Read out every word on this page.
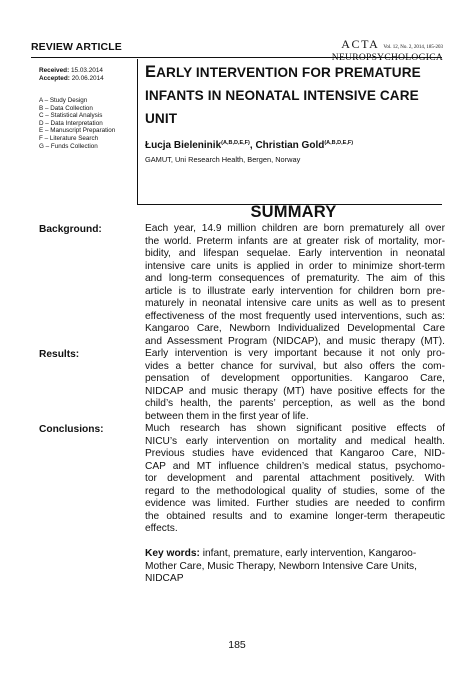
REVIEW ARTICLE	ACTA Vol. 12, No. 2, 2014, 185-203
NEUROPSYCHOLOGICA
Received: 15.03.2014
Accepted: 20.06.2014
A – Study Design
B – Data Collection
C – Statistical Analysis
D – Data Interpretation
E – Manuscript Preparation
F – Literature Search
G – Funds Collection
EARLY INTERVENTION FOR PREMATURE
INFANTS IN NEONATAL INTENSIVE CARE
UNIT
Łucja Bieleninik$^{(A,B,D,E,F)}$, Christian Gold$^{(A,B,D,E,F)}$
GAMUT, Uni Research Health, Bergen, Norway
SUMMARY
Background:	Each year, 14.9 million children are born prematurely all over
the world. Preterm infants are at greater risk of mortality, mor-
bidity, and lifespan sequelae. Early intervention in neonatal
intensive care units is applied in order to minimize short-term
and long-term consequences of prematurity. The aim of this
article is to illustrate early intervention for children born pre-
maturely in neonatal intensive care units as well as to present
effectiveness of the most frequently used interventions, such as:
Kangaroo Care, Newborn Individualized Developmental Care
and Assessment Program (NIDCAP), and music therapy (MT).
Results:	Early intervention is very important because it not only pro-
vides a better chance for survival, but also offers the com-
pensation of development opportunities. Kangaroo Care,
NIDCAP and music therapy (MT) have positive effects for the
child’s health, the parents’ perception, as well as the bond
between them in the first year of life.
Conclusions:	Much research has shown significant positive effects of
NICU’s early intervention on mortality and medical health.
Previous studies have evidenced that Kangaroo Care, NID-
CAP and MT influence children’s medical status, psychomo-
tor development and parental attachment positively. With
regard to the methodological quality of studies, some of the
evidence was limited. Further studies are needed to confirm
the obtained results and to examine longer-term therapeutic
effects.
Key words: infant, premature, early intervention, Kangaroo-
Mother Care, Music Therapy, Newborn Intensive Care Units,
NIDCAP
185
